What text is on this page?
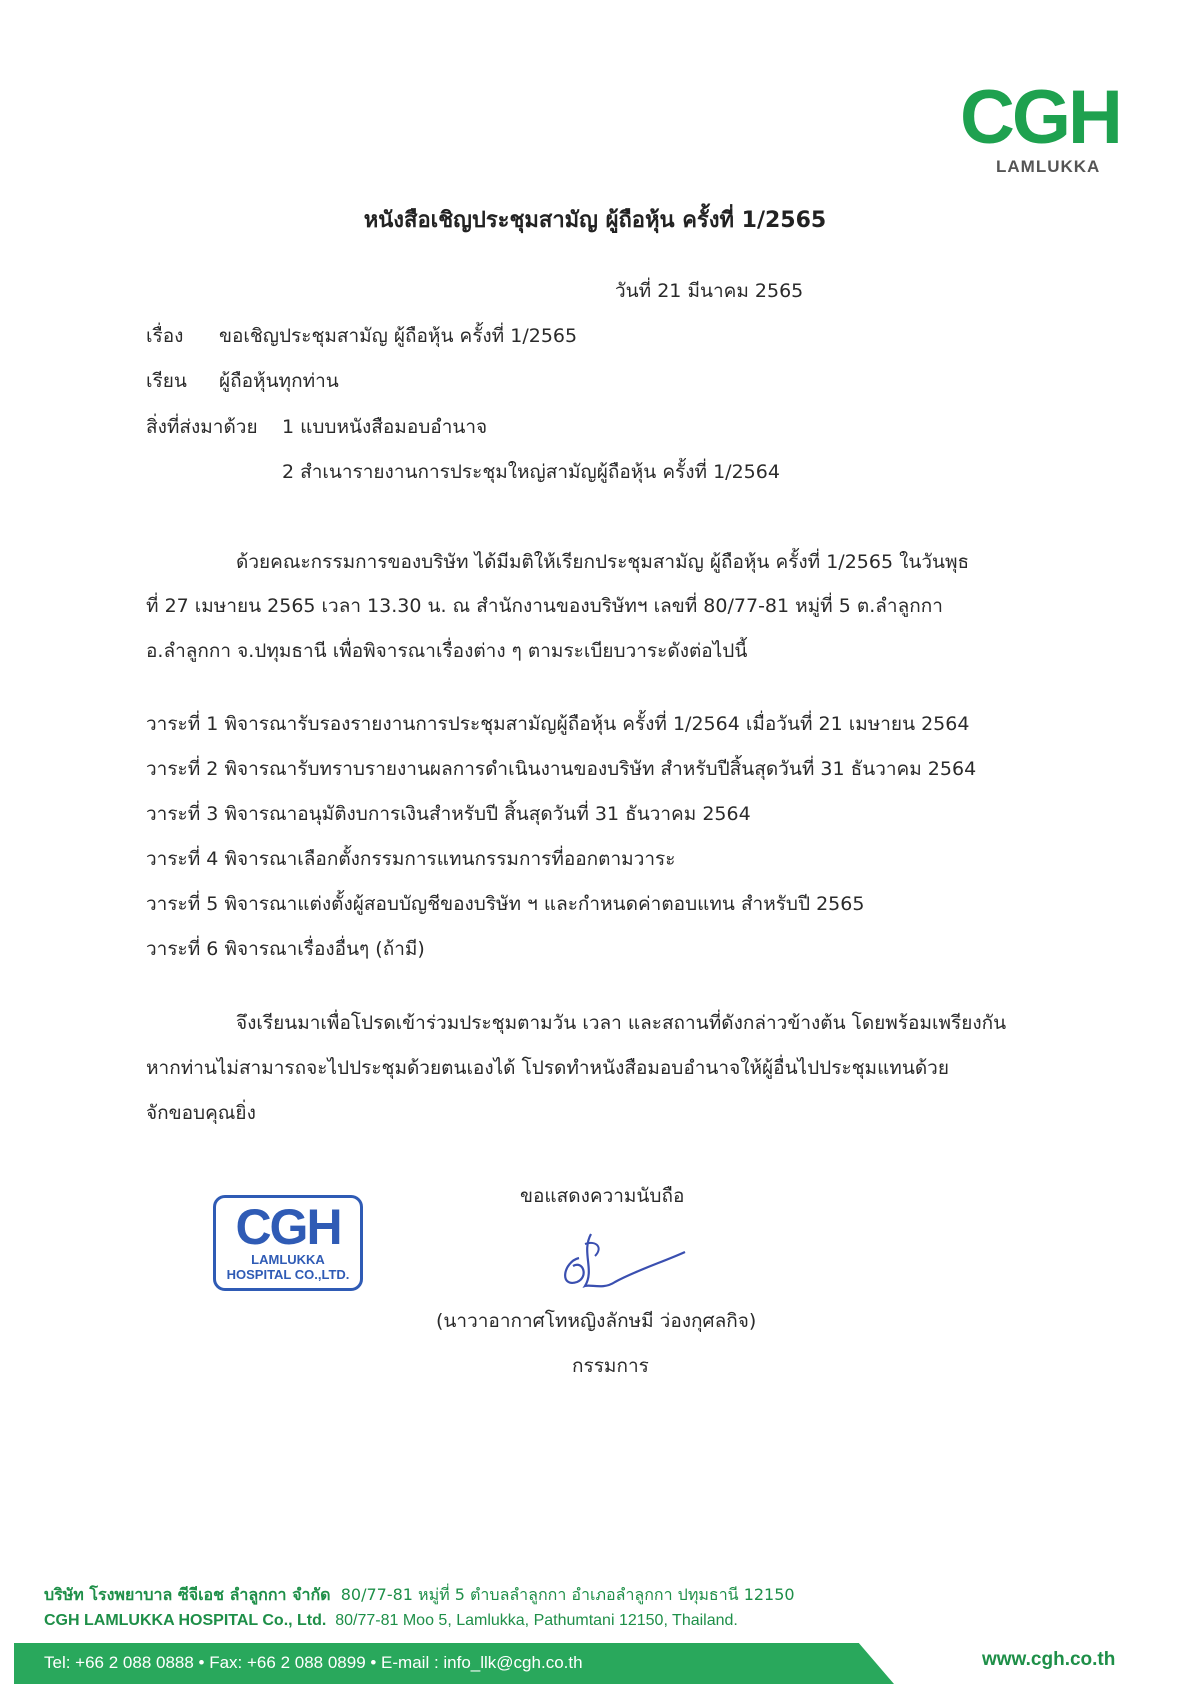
CGH
LAMLUKKA
หนังสือเชิญประชุมสามัญ ผู้ถือหุ้น ครั้งที่ 1/2565
วันที่ 21 มีนาคม 2565
เรื่อง ขอเชิญประชุมสามัญ ผู้ถือหุ้น ครั้งที่ 1/2565
เรียน ผู้ถือหุ้นทุกท่าน
สิ่งที่ส่งมาด้วย 1 แบบหนังสือมอบอำนาจ
2 สำเนารายงานการประชุมใหญ่สามัญผู้ถือหุ้น ครั้งที่ 1/2564
ด้วยคณะกรรมการของบริษัท ได้มีมติให้เรียกประชุมสามัญ ผู้ถือหุ้น ครั้งที่ 1/2565 ในวันพุธ
ที่ 27 เมษายน 2565 เวลา 13.30 น. ณ สำนักงานของบริษัทฯ เลขที่ 80/77-81 หมู่ที่ 5 ต.ลำลูกกา
อ.ลำลูกกา จ.ปทุมธานี เพื่อพิจารณาเรื่องต่าง ๆ ตามระเบียบวาระดังต่อไปนี้
วาระที่ 1 พิจารณารับรองรายงานการประชุมสามัญผู้ถือหุ้น ครั้งที่ 1/2564 เมื่อวันที่ 21 เมษายน 2564
วาระที่ 2 พิจารณารับทราบรายงานผลการดำเนินงานของบริษัท สำหรับปีสิ้นสุดวันที่ 31 ธันวาคม 2564
วาระที่ 3 พิจารณาอนุมัติงบการเงินสำหรับปี สิ้นสุดวันที่ 31 ธันวาคม 2564
วาระที่ 4 พิจารณาเลือกตั้งกรรมการแทนกรรมการที่ออกตามวาระ
วาระที่ 5 พิจารณาแต่งตั้งผู้สอบบัญชีของบริษัท ฯ และกำหนดค่าตอบแทน สำหรับปี 2565
วาระที่ 6 พิจารณาเรื่องอื่นๆ (ถ้ามี)
จึงเรียนมาเพื่อโปรดเข้าร่วมประชุมตามวัน เวลา และสถานที่ดังกล่าวข้างต้น โดยพร้อมเพรียงกัน
หากท่านไม่สามารถจะไปประชุมด้วยตนเองได้ โปรดทำหนังสือมอบอำนาจให้ผู้อื่นไปประชุมแทนด้วย
จักขอบคุณยิ่ง
CGH
LAMLUKKA
HOSPITAL CO.,LTD.
ขอแสดงความนับถือ
(นาวาอากาศโทหญิงลักษมี ว่องกุศลกิจ)
กรรมการ
บริษัท โรงพยาบาล ซีจีเอช ลำลูกกา จำกัด 80/77-81 หมู่ที่ 5 ตำบลลำลูกกา อำเภอลำลูกกา ปทุมธานี 12150
CGH LAMLUKKA HOSPITAL Co., Ltd. 80/77-81 Moo 5, Lamlukka, Pathumtani 12150, Thailand.
Tel: +66 2 088 0888 • Fax: +66 2 088 0899 • E-mail : info_llk@cgh.co.th	www.cgh.co.th
